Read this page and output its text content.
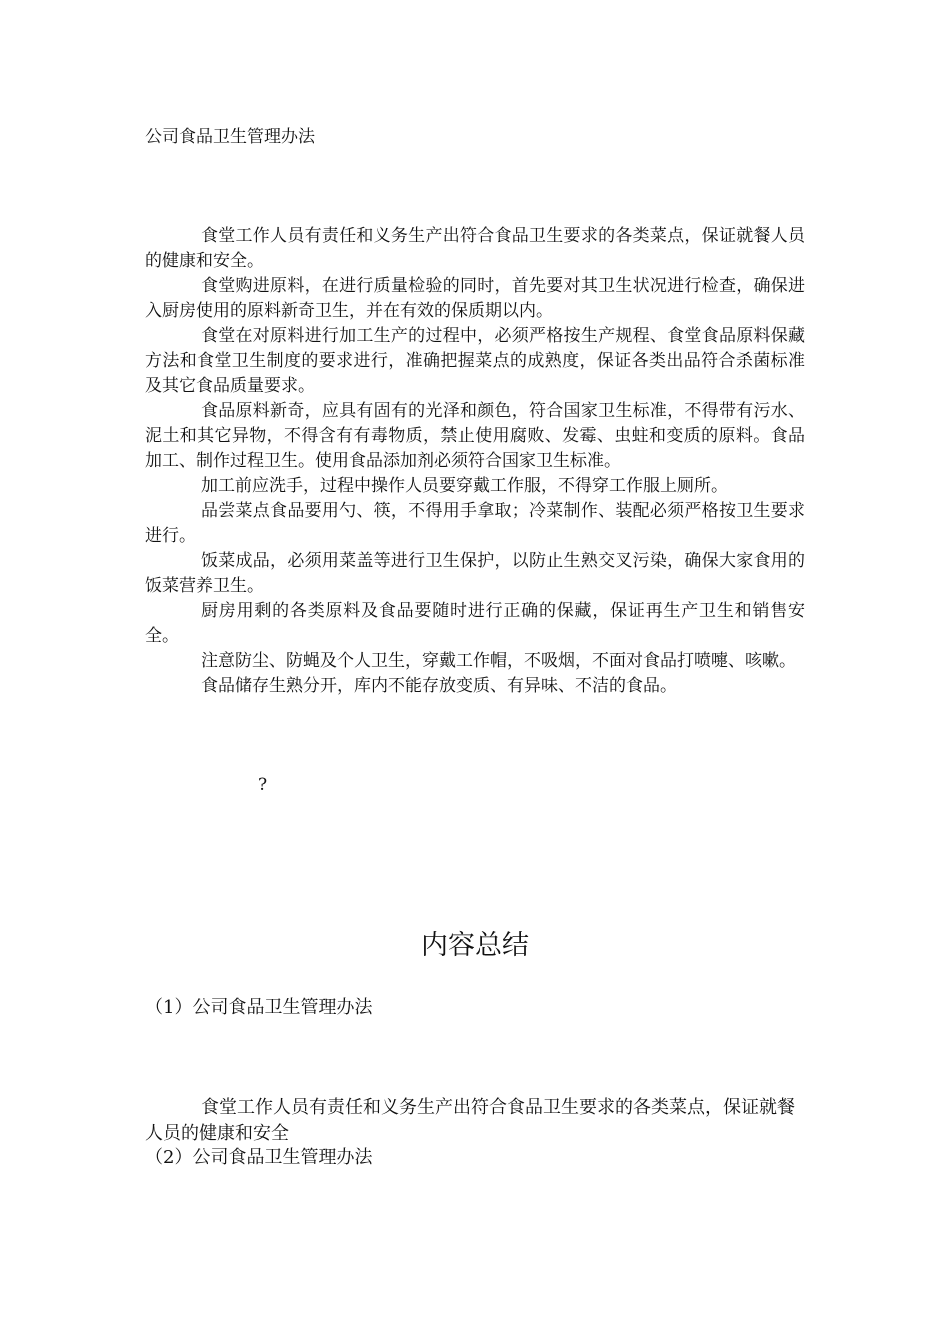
公司食品卫生管理办法

食堂工作人员有责任和义务生产出符合食品卫生要求的各类菜点，保证就餐人员的健康和安全。

食堂购进原料，在进行质量检验的同时，首先要对其卫生状况进行检查，确保进入厨房使用的原料新奇卫生，并在有效的保质期以内。

食堂在对原料进行加工生产的过程中，必须严格按生产规程、食堂食品原料保藏方法和食堂卫生制度的要求进行，准确把握菜点的成熟度，保证各类出品符合杀菌标准及其它食品质量要求。

食品原料新奇，应具有固有的光泽和颜色，符合国家卫生标准，不得带有污水、泥土和其它异物，不得含有有毒物质，禁止使用腐败、发霉、虫蛀和变质的原料。食品加工、制作过程卫生。使用食品添加剂必须符合国家卫生标准。

加工前应洗手，过程中操作人员要穿戴工作服，不得穿工作服上厕所。

品尝菜点食品要用勺、筷，不得用手拿取；冷菜制作、装配必须严格按卫生要求进行。

饭菜成品，必须用菜盖等进行卫生保护，以防止生熟交叉污染，确保大家食用的饭菜营养卫生。

厨房用剩的各类原料及食品要随时进行正确的保藏，保证再生产卫生和销售安全。

注意防尘、防蝇及个人卫生，穿戴工作帽，不吸烟，不面对食品打喷嚏、咳嗽。

食品储存生熟分开，库内不能存放变质、有异味、不洁的食品。

?
内容总结
（1）公司食品卫生管理办法

食堂工作人员有责任和义务生产出符合食品卫生要求的各类菜点，保证就餐人员的健康和安全

（2）公司食品卫生管理办法
